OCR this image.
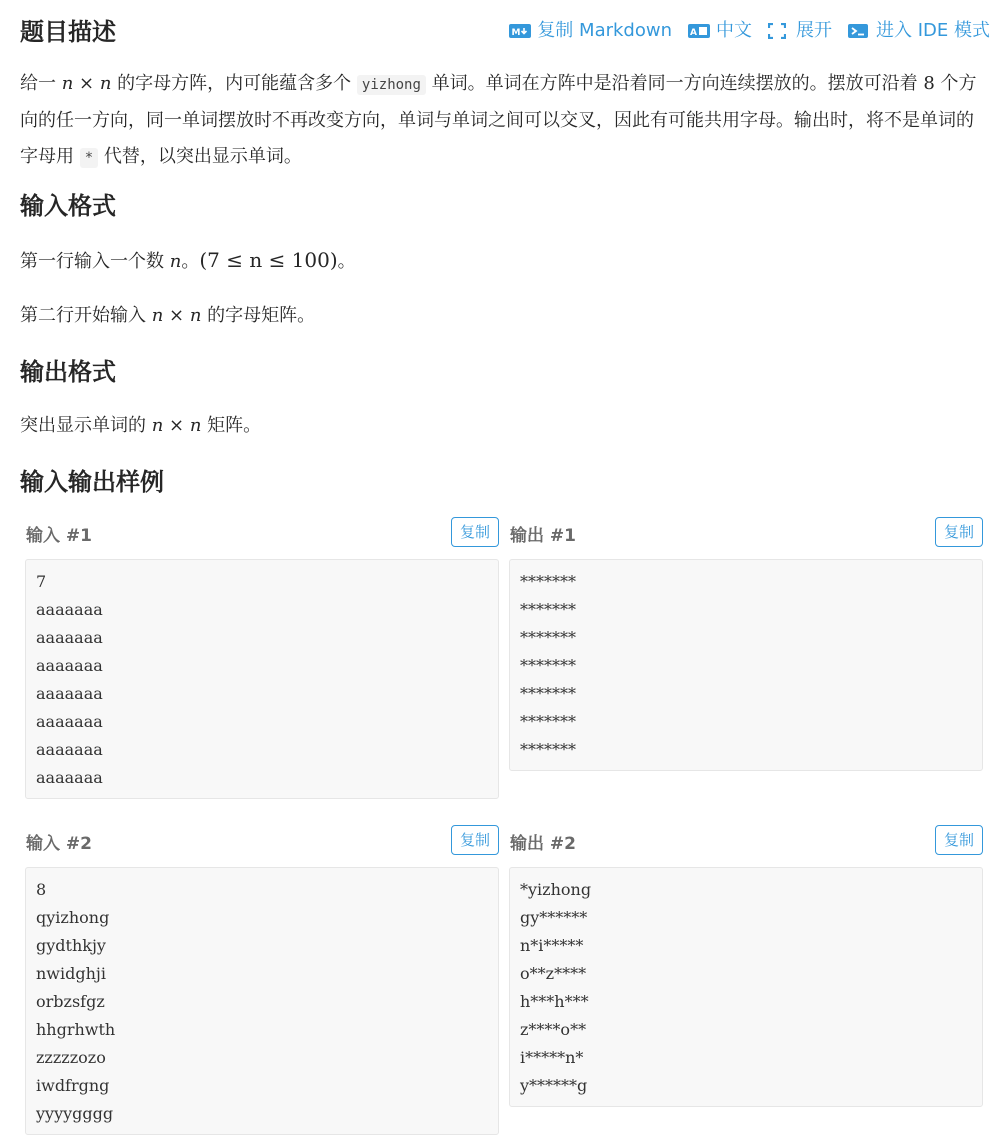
题目描述	M 复制 Markdown A 中文 展开 进入 IDE 模式
给一 n × n 的字母方阵，内可能蕴含多个 yizhong 单词。单词在方阵中是沿着同一方向连续摆放的。摆放可沿着 8 个方向的任一方向，同一单词摆放时不再改变方向，单词与单词之间可以交叉，因此有可能共用字母。输出时，将不是单词的字母用 * 代替，以突出显示单词。
输入格式
第一行输入一个数 n。(7 ≤ n ≤ 100)。
第二行开始输入 n × n 的字母矩阵。
输出格式
突出显示单词的 n × n 矩阵。
输入输出样例
输入 #1	复制
7
aaaaaaa
aaaaaaa
aaaaaaa
aaaaaaa
aaaaaaa
aaaaaaa
aaaaaaa
输出 #1	复制
*******
*******
*******
*******
*******
*******
*******
输入 #2	复制
8
qyizhong
gydthkjy
nwidghji
orbzsfgz
hhgrhwth
zzzzzozo
iwdfrgng
yyyygggg
输出 #2	复制
*yizhong
gy******
n*i*****
o**z****
h***h***
z****o**
i*****n*
y******g
